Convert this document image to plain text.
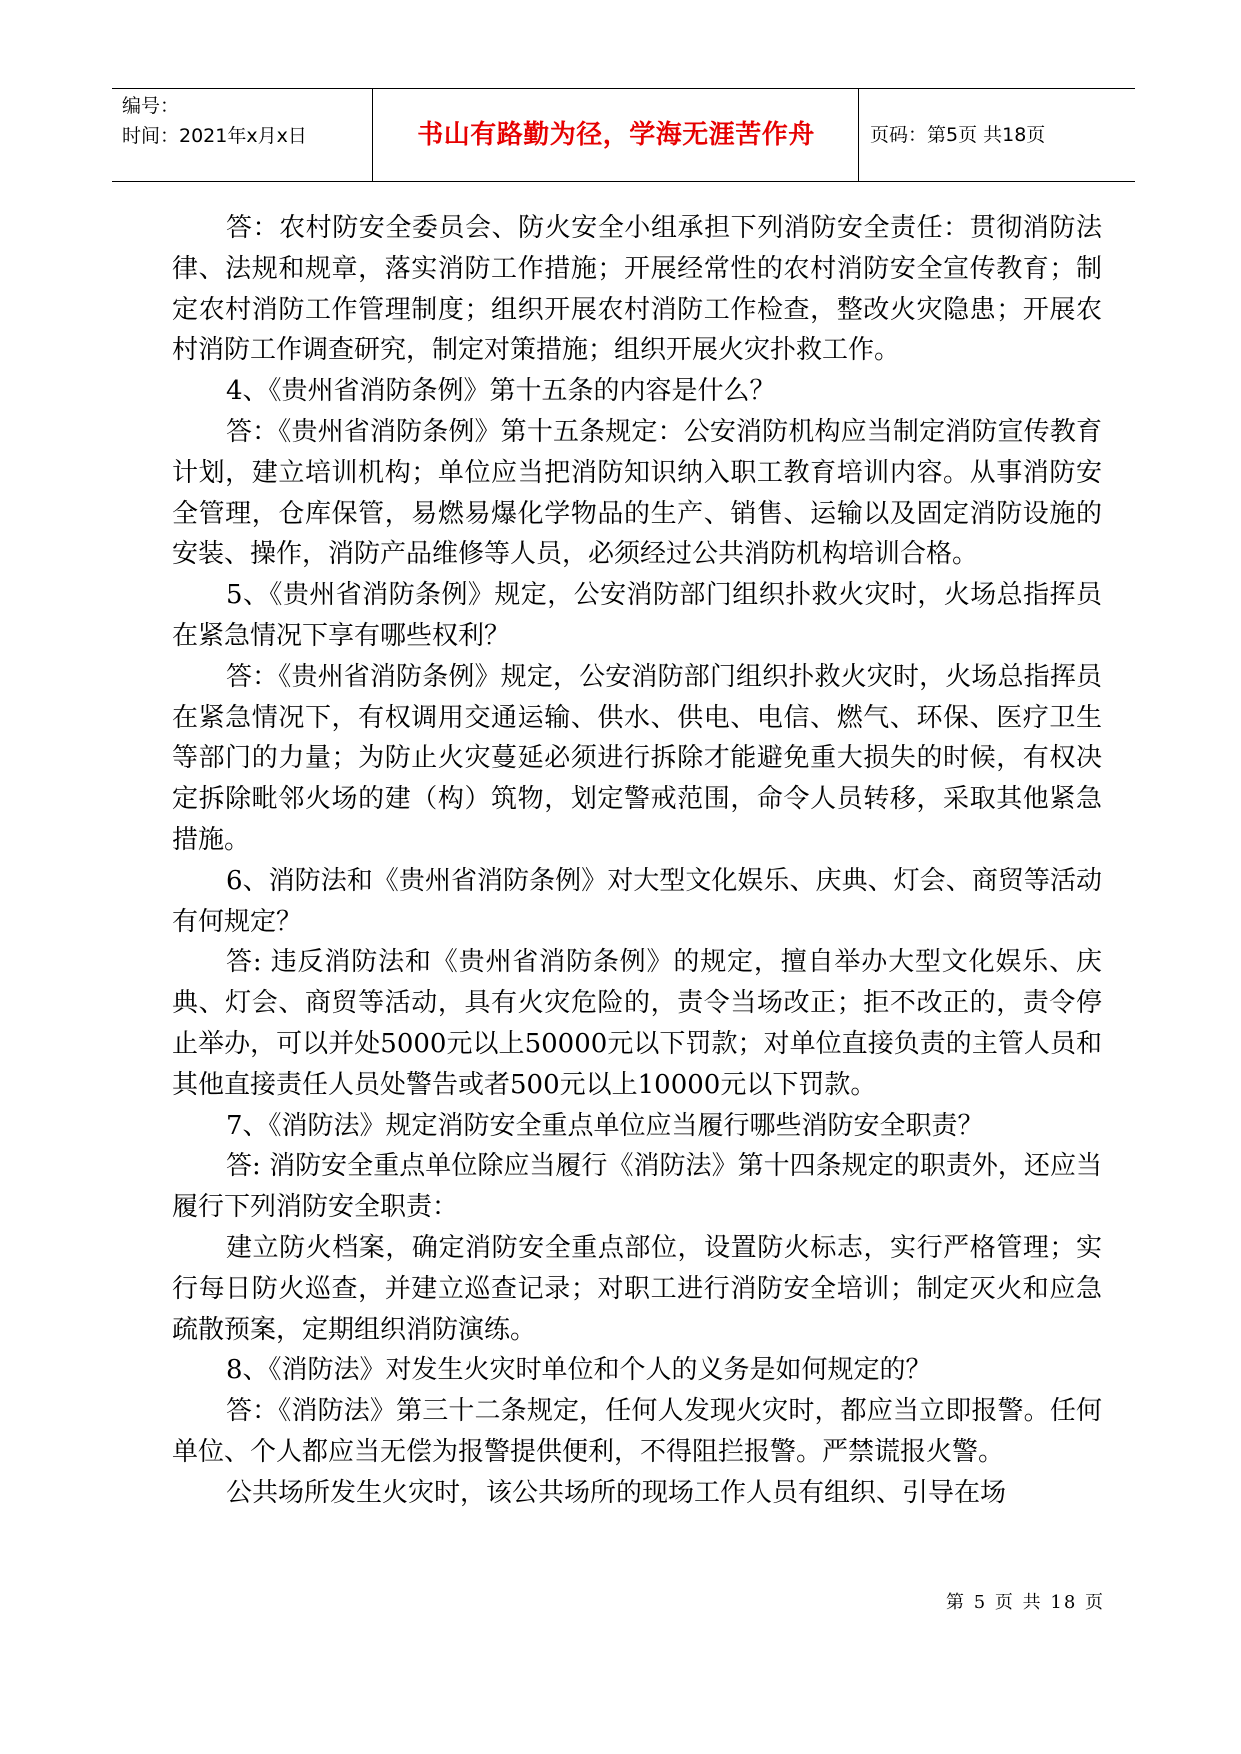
编号：
时间：2021年x月x日	书山有路勤为径，学海无涯苦作舟	页码：第5页 共18页

答：农村防安全委员会、防火安全小组承担下列消防安全责任：贯彻消防法律、法规和规章，落实消防工作措施；开展经常性的农村消防安全宣传教育；制定农村消防工作管理制度；组织开展农村消防工作检查，整改火灾隐患；开展农村消防工作调查研究，制定对策措施；组织开展火灾扑救工作。

4、《贵州省消防条例》第十五条的内容是什么？

答：《贵州省消防条例》第十五条规定：公安消防机构应当制定消防宣传教育计划，建立培训机构；单位应当把消防知识纳入职工教育培训内容。从事消防安全管理，仓库保管，易燃易爆化学物品的生产、销售、运输以及固定消防设施的安装、操作，消防产品维修等人员，必须经过公共消防机构培训合格。

5、《贵州省消防条例》规定，公安消防部门组织扑救火灾时，火场总指挥员在紧急情况下享有哪些权利？

答：《贵州省消防条例》规定，公安消防部门组织扑救火灾时，火场总指挥员在紧急情况下，有权调用交通运输、供水、供电、电信、燃气、环保、医疗卫生等部门的力量；为防止火灾蔓延必须进行拆除才能避免重大损失的时候，有权决定拆除毗邻火场的建（构）筑物，划定警戒范围，命令人员转移，采取其他紧急措施。

6、消防法和《贵州省消防条例》对大型文化娱乐、庆典、灯会、商贸等活动有何规定？

答: 违反消防法和《贵州省消防条例》的规定，擅自举办大型文化娱乐、庆典、灯会、商贸等活动，具有火灾危险的，责令当场改正；拒不改正的，责令停止举办，可以并处5000元以上50000元以下罚款；对单位直接负责的主管人员和其他直接责任人员处警告或者500元以上10000元以下罚款。

7、《消防法》规定消防安全重点单位应当履行哪些消防安全职责？

答: 消防安全重点单位除应当履行《消防法》第十四条规定的职责外，还应当履行下列消防安全职责：

建立防火档案，确定消防安全重点部位，设置防火标志，实行严格管理；实行每日防火巡查，并建立巡查记录；对职工进行消防安全培训；制定灭火和应急疏散预案，定期组织消防演练。

8、《消防法》对发生火灾时单位和个人的义务是如何规定的？

答：《消防法》第三十二条规定，任何人发现火灾时，都应当立即报警。任何单位、个人都应当无偿为报警提供便利，不得阻拦报警。严禁谎报火警。

公共场所发生火灾时，该公共场所的现场工作人员有组织、引导在场

第 5 页 共 18 页
